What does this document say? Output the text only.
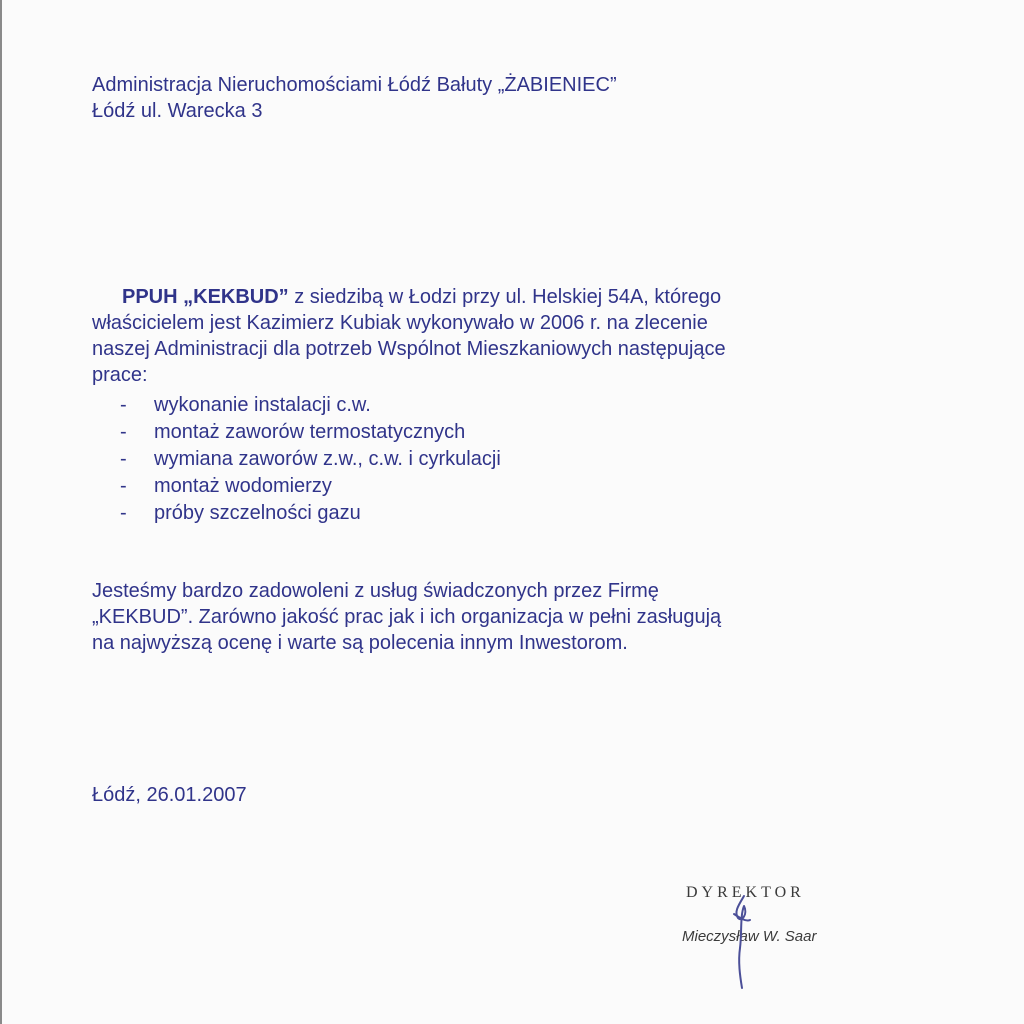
Administracja Nieruchomościami Łódź Bałuty „ŻABIENIEC”
Łódź ul. Warecka 3
PPUH „KEKBUD” z siedzibą w Łodzi przy ul. Helskiej 54A, którego
właścicielem jest Kazimierz Kubiak wykonywało w 2006 r. na zlecenie
naszej Administracji dla potrzeb Wspólnot Mieszkaniowych następujące
prace:
- wykonanie instalacji c.w.
- montaż zaworów termostatycznych
- wymiana zaworów z.w., c.w. i cyrkulacji
- montaż wodomierzy
- próby szczelności gazu
Jesteśmy bardzo zadowoleni z usług świadczonych przez Firmę
„KEKBUD”. Zarówno jakość prac jak i ich organizacja w pełni zasługują
na najwyższą ocenę i warte są polecenia innym Inwestorom.
Łódź, 26.01.2007
DYREKTOR
Mieczysław W. Saar
